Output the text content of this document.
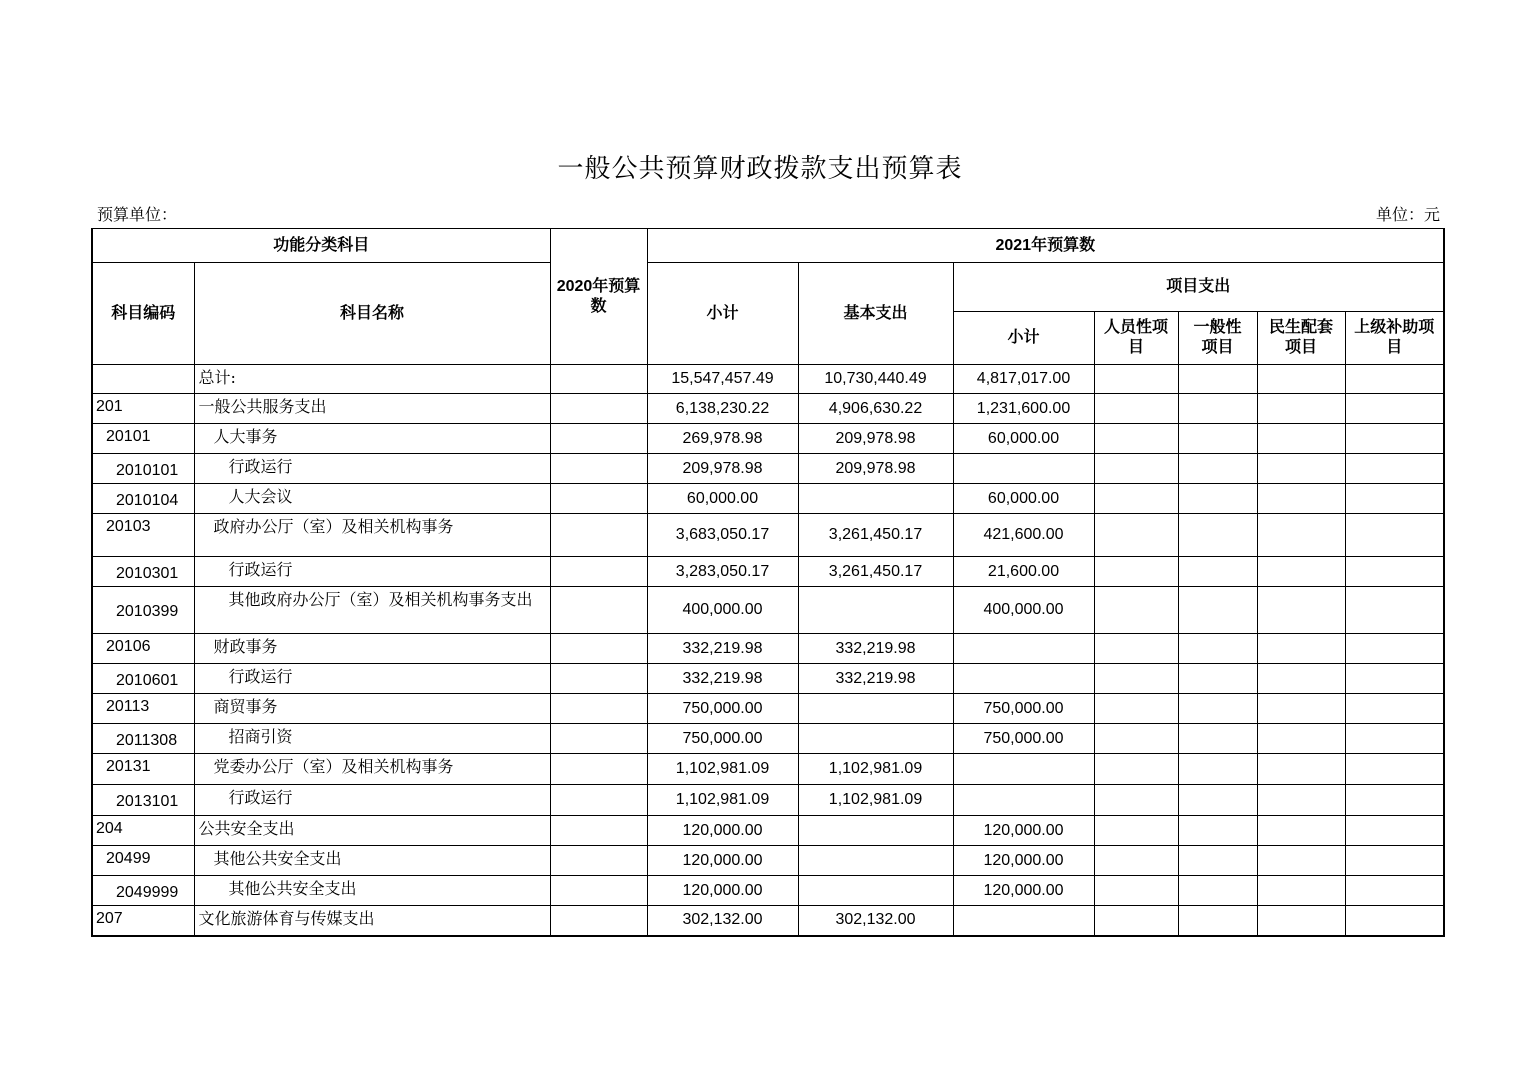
一般公共预算财政拨款支出预算表
预算单位：	单位：元
功能分类科目		2020年预算数	2021年预算数						
科目编码	科目名称		小计	基本支出	项目支出				
					小计	人员性项目	一般性项目	民生配套项目	上级补助项目
	总计:		15,547,457.49	10,730,440.49	4,817,017.00				
201	一般公共服务支出		6,138,230.22	4,906,630.22	1,231,600.00				
20101	人大事务		269,978.98	209,978.98	60,000.00				
2010101	行政运行		209,978.98	209,978.98					
2010104	人大会议		60,000.00		60,000.00				
20103	政府办公厅（室）及相关机构事务		3,683,050.17	3,261,450.17	421,600.00				
2010301	行政运行		3,283,050.17	3,261,450.17	21,600.00				
2010399	其他政府办公厅（室）及相关机构事务支出		400,000.00		400,000.00				
20106	财政事务		332,219.98	332,219.98					
2010601	行政运行		332,219.98	332,219.98					
20113	商贸事务		750,000.00		750,000.00				
2011308	招商引资		750,000.00		750,000.00				
20131	党委办公厅（室）及相关机构事务		1,102,981.09	1,102,981.09					
2013101	行政运行		1,102,981.09	1,102,981.09					
204	公共安全支出		120,000.00		120,000.00				
20499	其他公共安全支出		120,000.00		120,000.00				
2049999	其他公共安全支出		120,000.00		120,000.00				
207	文化旅游体育与传媒支出		302,132.00	302,132.00					
